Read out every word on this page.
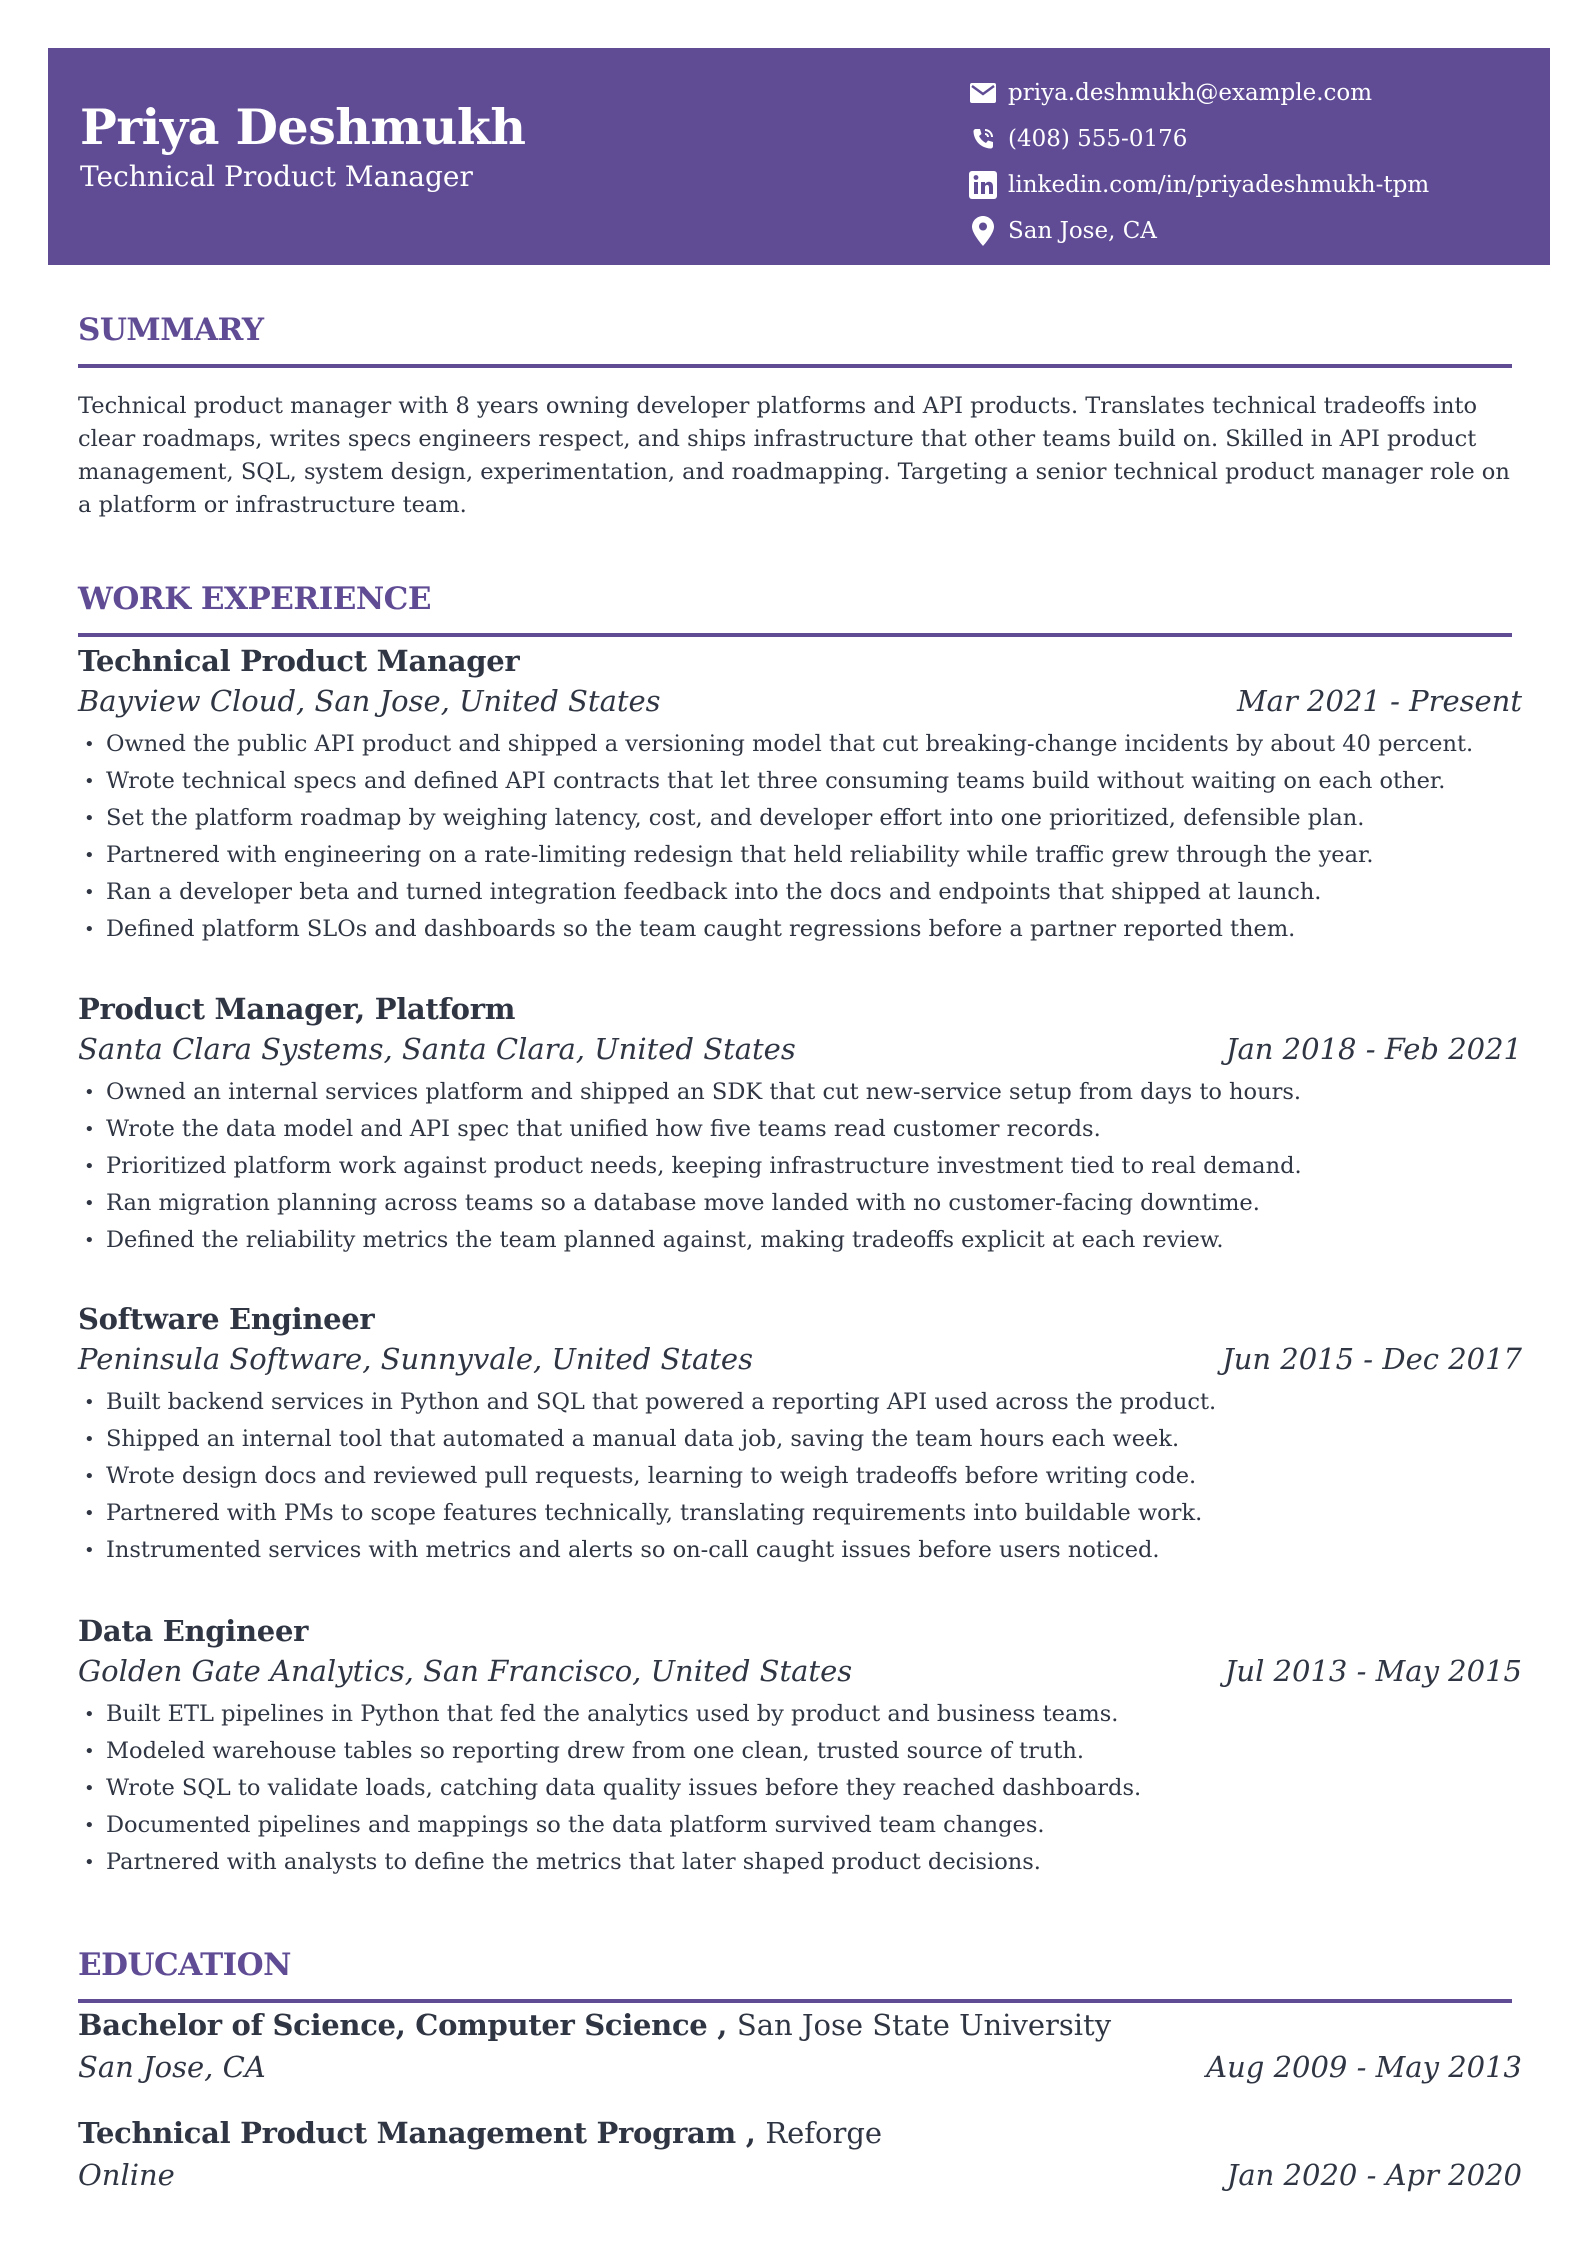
Priya Deshmukh
Technical Product Manager
priya.deshmukh@example.com
(408) 555-0176
linkedin.com/in/priyadeshmukh-tpm
San Jose, CA
SUMMARY
Technical product manager with 8 years owning developer platforms and API products. Translates technical tradeoffs into clear roadmaps, writes specs engineers respect, and ships infrastructure that other teams build on. Skilled in API product management, SQL, system design, experimentation, and roadmapping. Targeting a senior technical product manager role on a platform or infrastructure team.
WORK EXPERIENCE
Technical Product Manager
Bayview Cloud, San Jose, United States	Mar 2021 - Present
• Owned the public API product and shipped a versioning model that cut breaking-change incidents by about 40 percent.
• Wrote technical specs and defined API contracts that let three consuming teams build without waiting on each other.
• Set the platform roadmap by weighing latency, cost, and developer effort into one prioritized, defensible plan.
• Partnered with engineering on a rate-limiting redesign that held reliability while traffic grew through the year.
• Ran a developer beta and turned integration feedback into the docs and endpoints that shipped at launch.
• Defined platform SLOs and dashboards so the team caught regressions before a partner reported them.
Product Manager, Platform
Santa Clara Systems, Santa Clara, United States	Jan 2018 - Feb 2021
• Owned an internal services platform and shipped an SDK that cut new-service setup from days to hours.
• Wrote the data model and API spec that unified how five teams read customer records.
• Prioritized platform work against product needs, keeping infrastructure investment tied to real demand.
• Ran migration planning across teams so a database move landed with no customer-facing downtime.
• Defined the reliability metrics the team planned against, making tradeoffs explicit at each review.
Software Engineer
Peninsula Software, Sunnyvale, United States	Jun 2015 - Dec 2017
• Built backend services in Python and SQL that powered a reporting API used across the product.
• Shipped an internal tool that automated a manual data job, saving the team hours each week.
• Wrote design docs and reviewed pull requests, learning to weigh tradeoffs before writing code.
• Partnered with PMs to scope features technically, translating requirements into buildable work.
• Instrumented services with metrics and alerts so on-call caught issues before users noticed.
Data Engineer
Golden Gate Analytics, San Francisco, United States	Jul 2013 - May 2015
• Built ETL pipelines in Python that fed the analytics used by product and business teams.
• Modeled warehouse tables so reporting drew from one clean, trusted source of truth.
• Wrote SQL to validate loads, catching data quality issues before they reached dashboards.
• Documented pipelines and mappings so the data platform survived team changes.
• Partnered with analysts to define the metrics that later shaped product decisions.
EDUCATION
Bachelor of Science, Computer Science , San Jose State University
San Jose, CA	Aug 2009 - May 2013
Technical Product Management Program , Reforge
Online	Jan 2020 - Apr 2020
